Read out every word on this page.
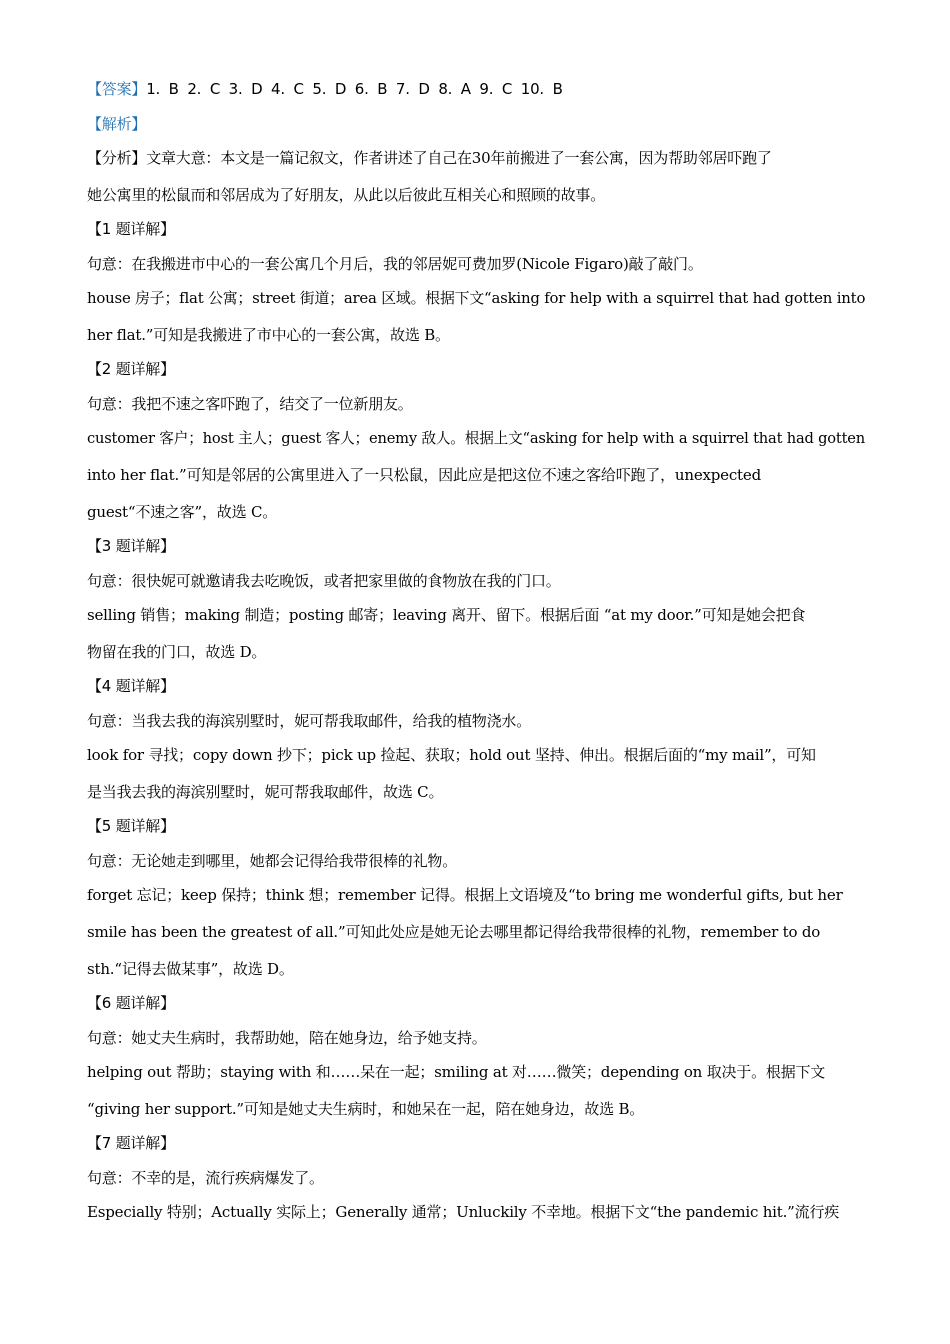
【答案】1. B 2. C 3. D 4. C 5. D 6. B 7. D 8. A 9. C 10. B
【解析】
【分析】文章大意：本文是一篇记叙文，作者讲述了自己在30年前搬进了一套公寓，因为帮助邻居吓跑了
她公寓里的松鼠而和邻居成为了好朋友，从此以后彼此互相关心和照顾的故事。
【1 题详解】
句意：在我搬进市中心的一套公寓几个月后，我的邻居妮可费加罗(Nicole Figaro)敲了敲门。
house 房子；flat 公寓；street 街道；area 区域。根据下文“asking for help with a squirrel that had gotten into
her flat.”可知是我搬进了市中心的一套公寓，故选 B。
【2 题详解】
句意：我把不速之客吓跑了，结交了一位新朋友。
customer 客户；host 主人；guest 客人；enemy 敌人。根据上文“asking for help with a squirrel that had gotten
into her flat.”可知是邻居的公寓里进入了一只松鼠，因此应是把这位不速之客给吓跑了，unexpected
guest“不速之客”，故选 C。
【3 题详解】
句意：很快妮可就邀请我去吃晚饭，或者把家里做的食物放在我的门口。
selling 销售；making 制造；posting 邮寄；leaving 离开、留下。根据后面 “at my door.”可知是她会把食
物留在我的门口，故选 D。
【4 题详解】
句意：当我去我的海滨别墅时，妮可帮我取邮件，给我的植物浇水。
look for 寻找；copy down 抄下；pick up 捡起、获取；hold out 坚持、伸出。根据后面的“my mail”，可知
是当我去我的海滨别墅时，妮可帮我取邮件，故选 C。
【5 题详解】
句意：无论她走到哪里，她都会记得给我带很棒的礼物。
forget 忘记；keep 保持；think 想；remember 记得。根据上文语境及“to bring me wonderful gifts, but her
smile has been the greatest of all.”可知此处应是她无论去哪里都记得给我带很棒的礼物，remember to do
sth.“记得去做某事”，故选 D。
【6 题详解】
句意：她丈夫生病时，我帮助她，陪在她身边，给予她支持。
helping out 帮助；staying with 和……呆在一起；smiling at 对……微笑；depending on 取决于。根据下文
“giving her support.”可知是她丈夫生病时，和她呆在一起，陪在她身边，故选 B。
【7 题详解】
句意：不幸的是，流行疾病爆发了。
Especially 特别；Actually 实际上；Generally 通常；Unluckily 不幸地。根据下文“the pandemic hit.”流行疾
